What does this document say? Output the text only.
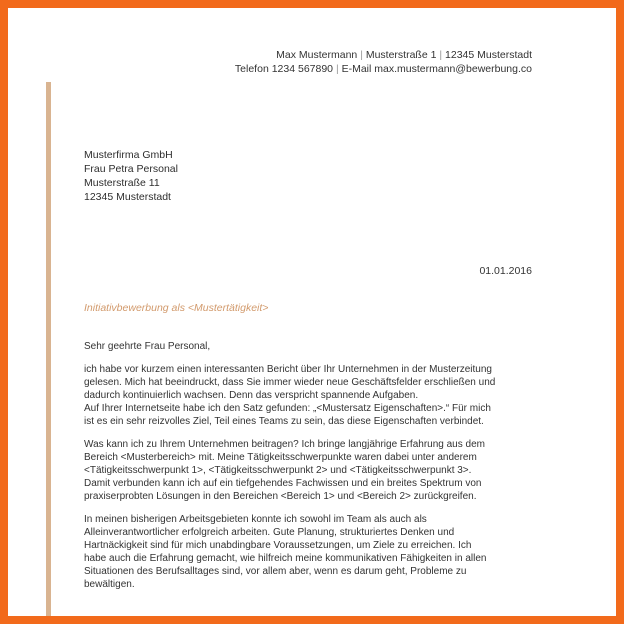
Max Mustermann | Musterstraße 1 | 12345 Musterstadt
Telefon 1234 567890 | E-Mail max.mustermann@bewerbung.co
Musterfirma GmbH
Frau Petra Personal
Musterstraße 11
12345 Musterstadt
01.01.2016
Initiativbewerbung als <Mustertätigkeit>

Sehr geehrte Frau Personal,

ich habe vor kurzem einen interessanten Bericht über Ihr Unternehmen in der Musterzeitung
gelesen. Mich hat beeindruckt, dass Sie immer wieder neue Geschäftsfelder erschließen und
dadurch kontinuierlich wachsen. Denn das verspricht spannende Aufgaben.
Auf Ihrer Internetseite habe ich den Satz gefunden: „<Mustersatz Eigenschaften>.“ Für mich
ist es ein sehr reizvolles Ziel, Teil eines Teams zu sein, das diese Eigenschaften verbindet.

Was kann ich zu Ihrem Unternehmen beitragen? Ich bringe langjährige Erfahrung aus dem
Bereich <Musterbereich> mit. Meine Tätigkeitsschwerpunkte waren dabei unter anderem
<Tätigkeitsschwerpunkt 1>, <Tätigkeitsschwerpunkt 2> und <Tätigkeitsschwerpunkt 3>.
Damit verbunden kann ich auf ein tiefgehendes Fachwissen und ein breites Spektrum von
praxiserprobten Lösungen in den Bereichen <Bereich 1> und <Bereich 2> zurückgreifen.

In meinen bisherigen Arbeitsgebieten konnte ich sowohl im Team als auch als
Alleinverantwortlicher erfolgreich arbeiten. Gute Planung, strukturiertes Denken und
Hartnäckigkeit sind für mich unabdingbare Voraussetzungen, um Ziele zu erreichen. Ich
habe auch die Erfahrung gemacht, wie hilfreich meine kommunikativen Fähigkeiten in allen
Situationen des Berufsalltages sind, vor allem aber, wenn es darum geht, Probleme zu
bewältigen.
